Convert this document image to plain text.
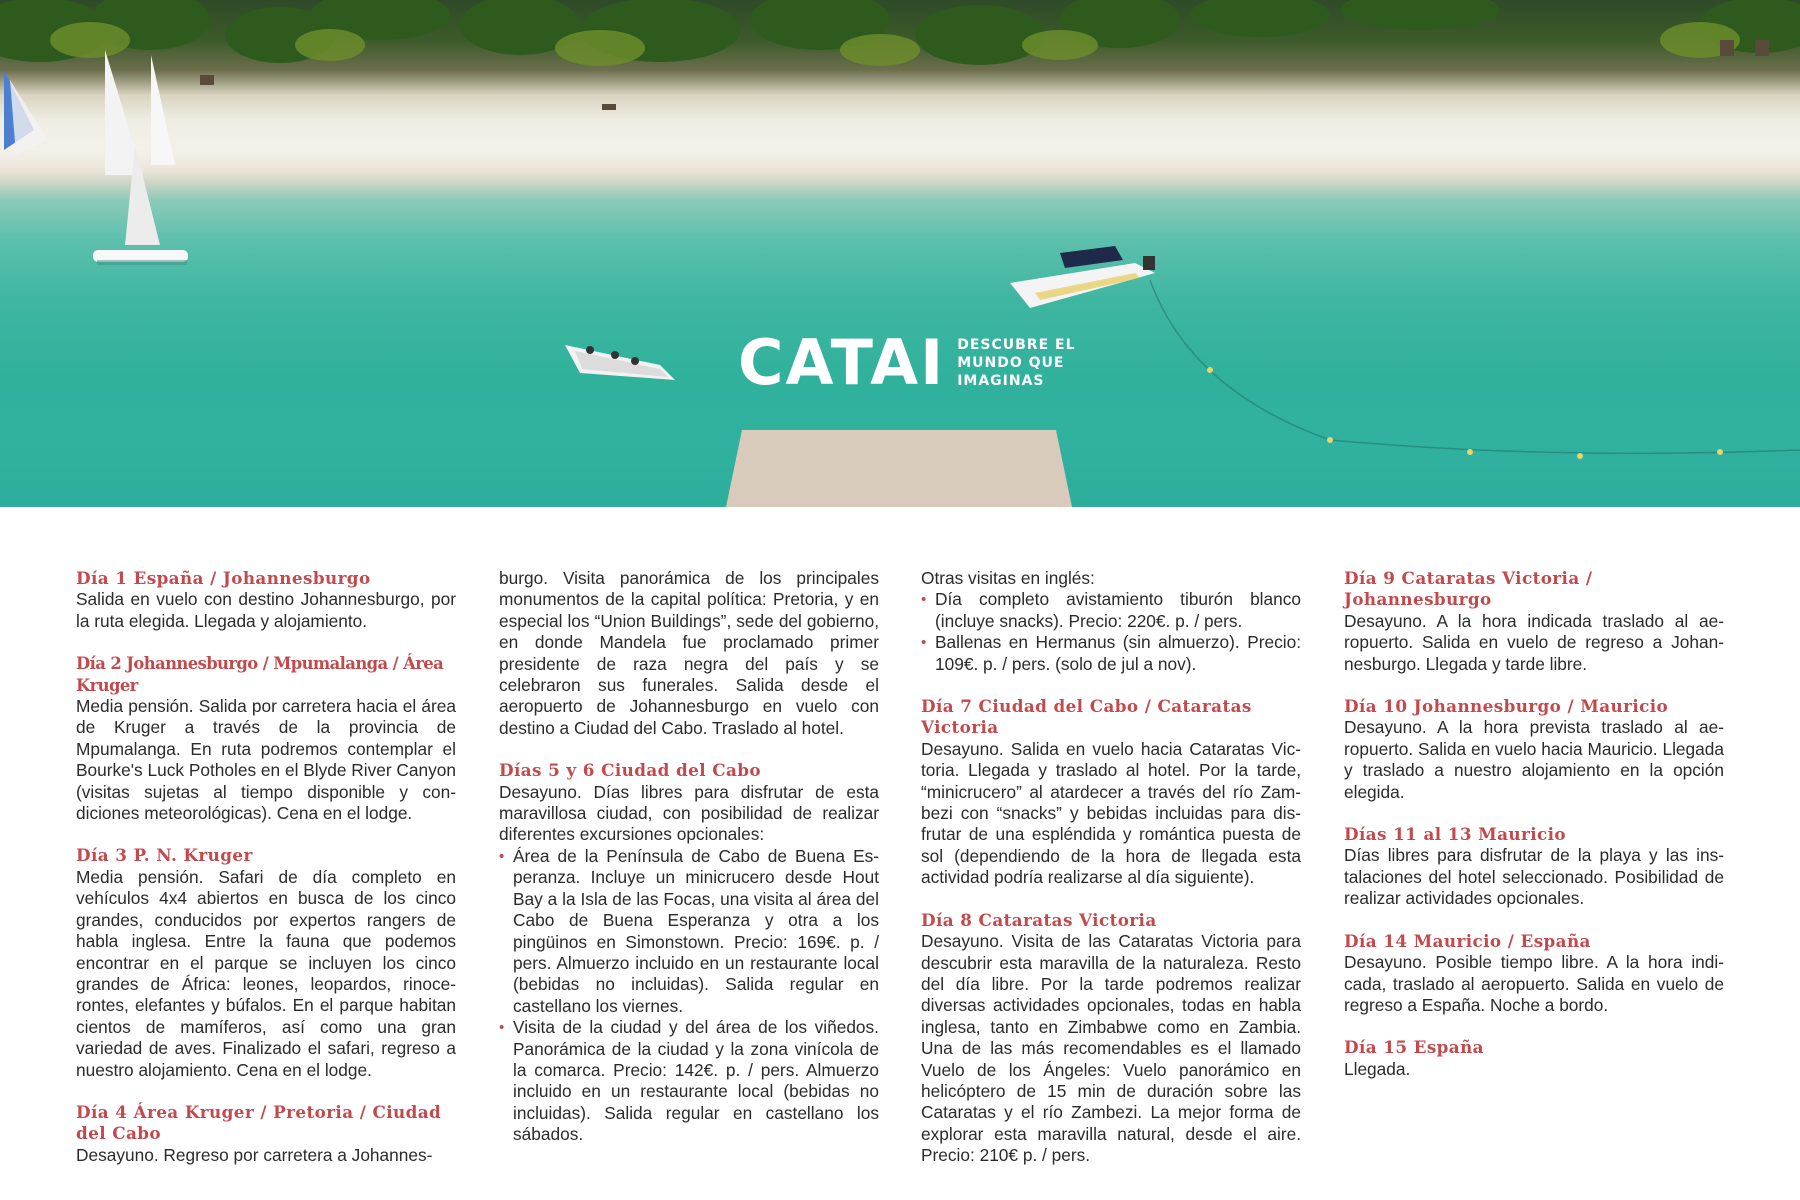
CATAI DESCUBRE EL
MUNDO QUE
IMAGINAS
Día 1 España / Johannesburgo
Salida en vuelo con destino Johannesburgo, por la ruta elegida. Llegada y alojamiento.
Día 2 Johannesburgo / Mpumalanga / Área Kruger
Media pensión. Salida por carretera hacia el área de Kruger a través de la provincia de Mpumalanga. En ruta podremos contemplar el Bourke's Luck Potholes en el Blyde River Canyon (visitas sujetas al tiempo disponible y condiciones meteorológicas). Cena en el lodge.
Día 3 P. N. Kruger
Media pensión. Safari de día completo en vehículos 4x4 abiertos en busca de los cinco grandes, conducidos por expertos rangers de habla inglesa. Entre la fauna que podemos encontrar en el parque se incluyen los cinco grandes de África: leones, leopardos, rinocerontes, elefantes y búfalos. En el parque habitan cientos de mamíferos, así como una gran variedad de aves. Finalizado el safari, regreso a nuestro alojamiento. Cena en el lodge.
Día 4 Área Kruger / Pretoria / Ciudad del Cabo
Desayuno. Regreso por carretera a Johannes-
burgo. Visita panorámica de los principales monumentos de la capital política: Pretoria, y en especial los “Union Buildings”, sede del gobierno, en donde Mandela fue proclamado primer presidente de raza negra del país y se celebraron sus funerales. Salida desde el aeropuerto de Johannesburgo en vuelo con destino a Ciudad del Cabo. Traslado al hotel.
Días 5 y 6 Ciudad del Cabo
Desayuno. Días libres para disfrutar de esta maravillosa ciudad, con posibilidad de realizar diferentes excursiones opcionales:
• Área de la Península de Cabo de Buena Esperanza. Incluye un minicrucero desde Hout Bay a la Isla de las Focas, una visita al área del Cabo de Buena Esperanza y otra a los pingüinos en Simonstown. Precio: 169€. p. / pers. Almuerzo incluido en un restaurante local (bebidas no incluidas). Salida regular en castellano los viernes.
• Visita de la ciudad y del área de los viñedos. Panorámica de la ciudad y la zona vinícola de la comarca. Precio: 142€. p. / pers. Almuerzo incluido en un restaurante local (bebidas no incluidas). Salida regular en castellano los sábados.
Otras visitas en inglés:
• Día completo avistamiento tiburón blanco (incluye snacks). Precio: 220€. p. / pers.
• Ballenas en Hermanus (sin almuerzo). Precio: 109€. p. / pers. (solo de jul a nov).
Día 7 Ciudad del Cabo / Cataratas Victoria
Desayuno. Salida en vuelo hacia Cataratas Victoria. Llegada y traslado al hotel. Por la tarde, “minicrucero” al atardecer a través del río Zambezi con “snacks” y bebidas incluidas para disfrutar de una espléndida y romántica puesta de sol (dependiendo de la hora de llegada esta actividad podría realizarse al día siguiente).
Día 8 Cataratas Victoria
Desayuno. Visita de las Cataratas Victoria para descubrir esta maravilla de la naturaleza. Resto del día libre. Por la tarde podremos realizar diversas actividades opcionales, todas en habla inglesa, tanto en Zimbabwe como en Zambia. Una de las más recomendables es el llamado Vuelo de los Ángeles: Vuelo panorámico en helicóptero de 15 min de duración sobre las Cataratas y el río Zambezi. La mejor forma de explorar esta maravilla natural, desde el aire. Precio: 210€ p. / pers.
Día 9 Cataratas Victoria / Johannesburgo
Desayuno. A la hora indicada traslado al aeropuerto. Salida en vuelo de regreso a Johannesburgo. Llegada y tarde libre.
Día 10 Johannesburgo / Mauricio
Desayuno. A la hora prevista traslado al aeropuerto. Salida en vuelo hacia Mauricio. Llegada y traslado a nuestro alojamiento en la opción elegida.
Días 11 al 13 Mauricio
Días libres para disfrutar de la playa y las instalaciones del hotel seleccionado. Posibilidad de realizar actividades opcionales.
Día 14 Mauricio / España
Desayuno. Posible tiempo libre. A la hora indicada, traslado al aeropuerto. Salida en vuelo de regreso a España. Noche a bordo.
Día 15 España
Llegada.
